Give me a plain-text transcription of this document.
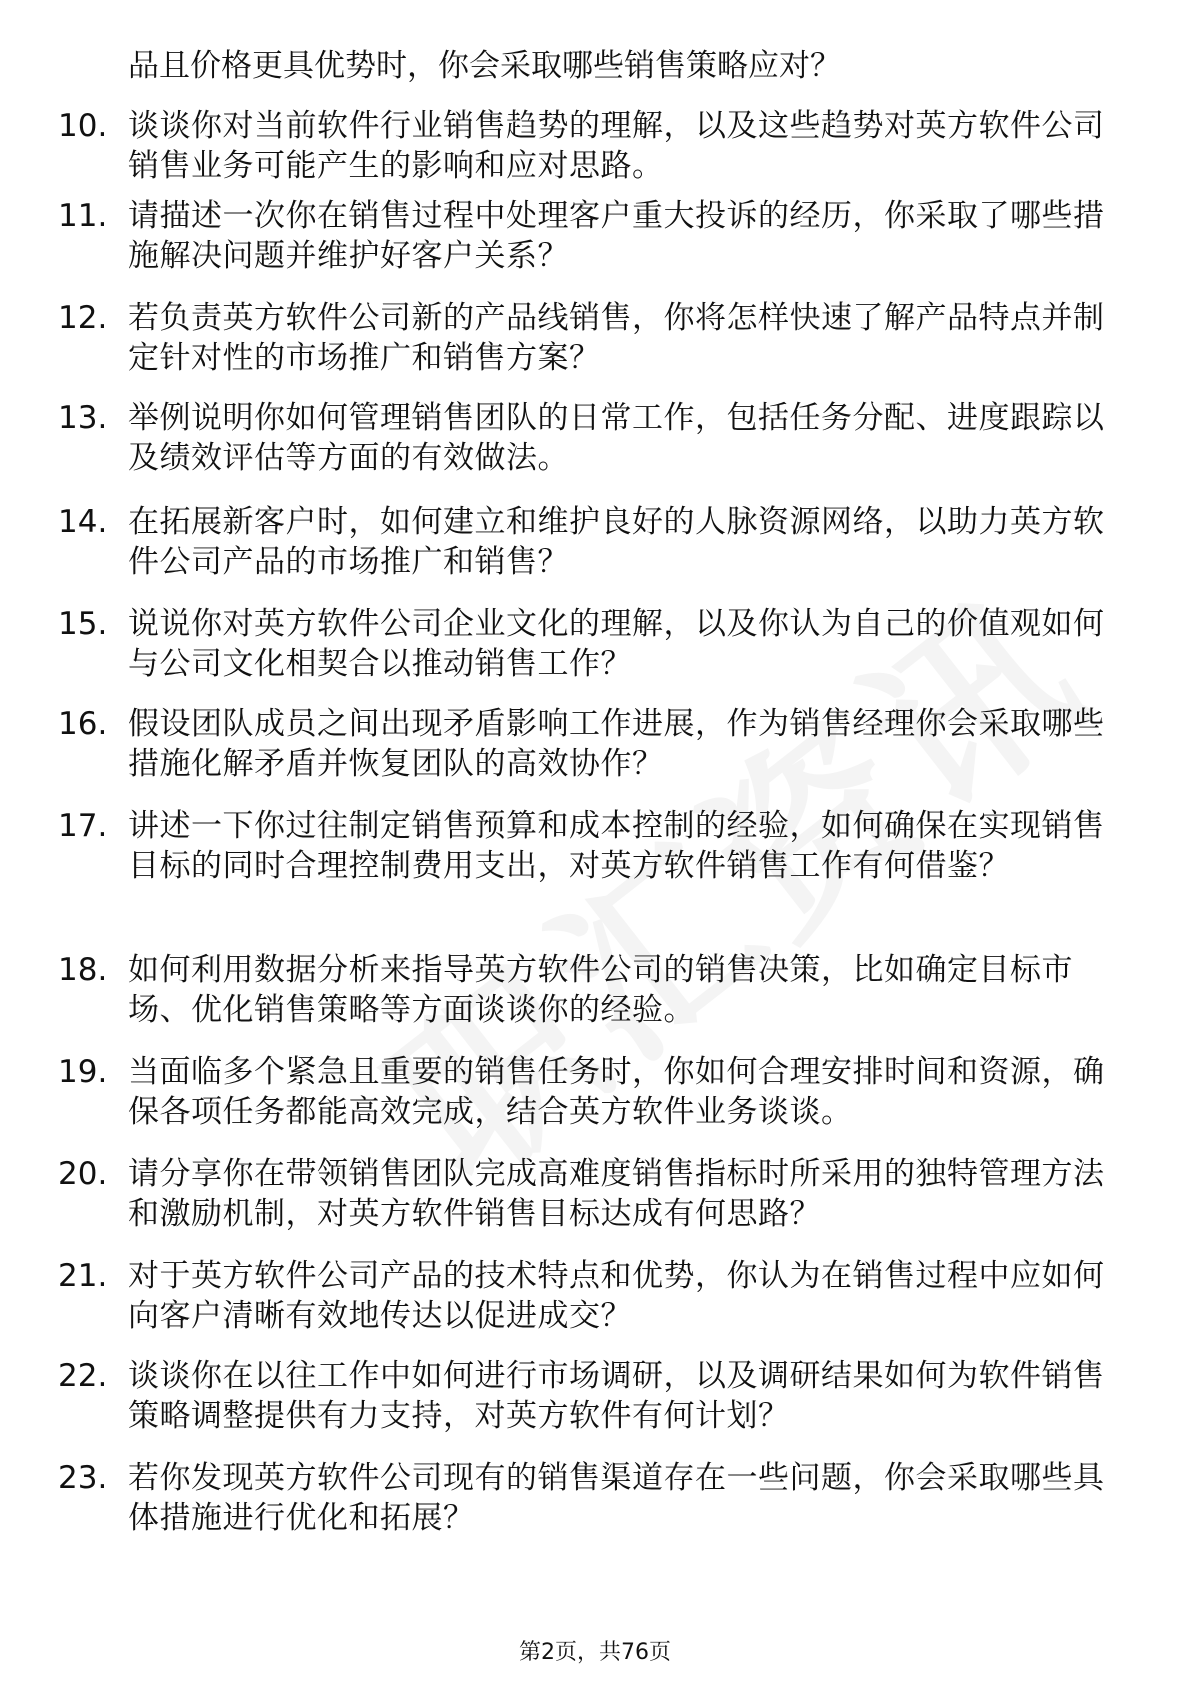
品且价格更具优势时，你会采取哪些销售策略应对？
10. 谈谈你对当前软件行业销售趋势的理解，以及这些趋势对英方软件公司销售业务可能产生的影响和应对思路。
11. 请描述一次你在销售过程中处理客户重大投诉的经历，你采取了哪些措施解决问题并维护好客户关系？
12. 若负责英方软件公司新的产品线销售，你将怎样快速了解产品特点并制定针对性的市场推广和销售方案？
13. 举例说明你如何管理销售团队的日常工作，包括任务分配、进度跟踪以及绩效评估等方面的有效做法。
14. 在拓展新客户时，如何建立和维护良好的人脉资源网络，以助力英方软件公司产品的市场推广和销售？
15. 说说你对英方软件公司企业文化的理解，以及你认为自己的价值观如何与公司文化相契合以推动销售工作？
16. 假设团队成员之间出现矛盾影响工作进展，作为销售经理你会采取哪些措施化解矛盾并恢复团队的高效协作？
17. 讲述一下你过往制定销售预算和成本控制的经验，如何确保在实现销售目标的同时合理控制费用支出，对英方软件销售工作有何借鉴？
18. 如何利用数据分析来指导英方软件公司的销售决策，比如确定目标市场、优化销售策略等方面谈谈你的经验。
19. 当面临多个紧急且重要的销售任务时，你如何合理安排时间和资源，确保各项任务都能高效完成，结合英方软件业务谈谈。
20. 请分享你在带领销售团队完成高难度销售指标时所采用的独特管理方法和激励机制，对英方软件销售目标达成有何思路？
21. 对于英方软件公司产品的技术特点和优势，你认为在销售过程中应如何向客户清晰有效地传达以促进成交？
22. 谈谈你在以往工作中如何进行市场调研，以及调研结果如何为软件销售策略调整提供有力支持，对英方软件有何计划？
23. 若你发现英方软件公司现有的销售渠道存在一些问题，你会采取哪些具体措施进行优化和拓展？
第2页，共76页
